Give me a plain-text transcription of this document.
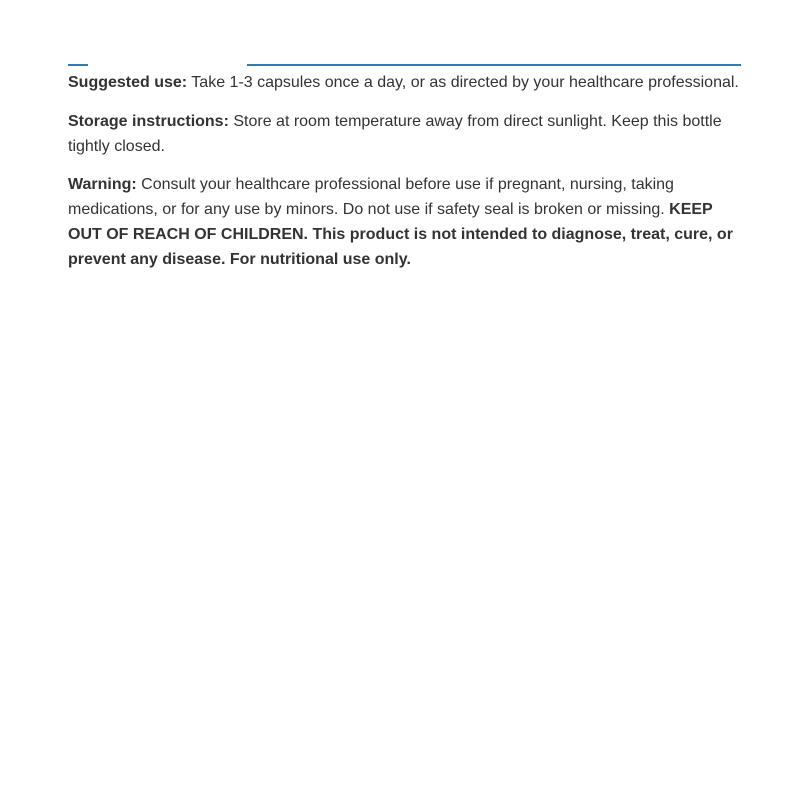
Suggested use: Take 1-3 capsules once a day, or as directed by your healthcare professional.

Storage instructions: Store at room temperature away from direct sunlight. Keep this bottle tightly closed.

Warning: Consult your healthcare professional before use if pregnant, nursing, taking medications, or for any use by minors. Do not use if safety seal is broken or missing. KEEP OUT OF REACH OF CHILDREN. This product is not intended to diagnose, treat, cure, or prevent any disease. For nutritional use only.
